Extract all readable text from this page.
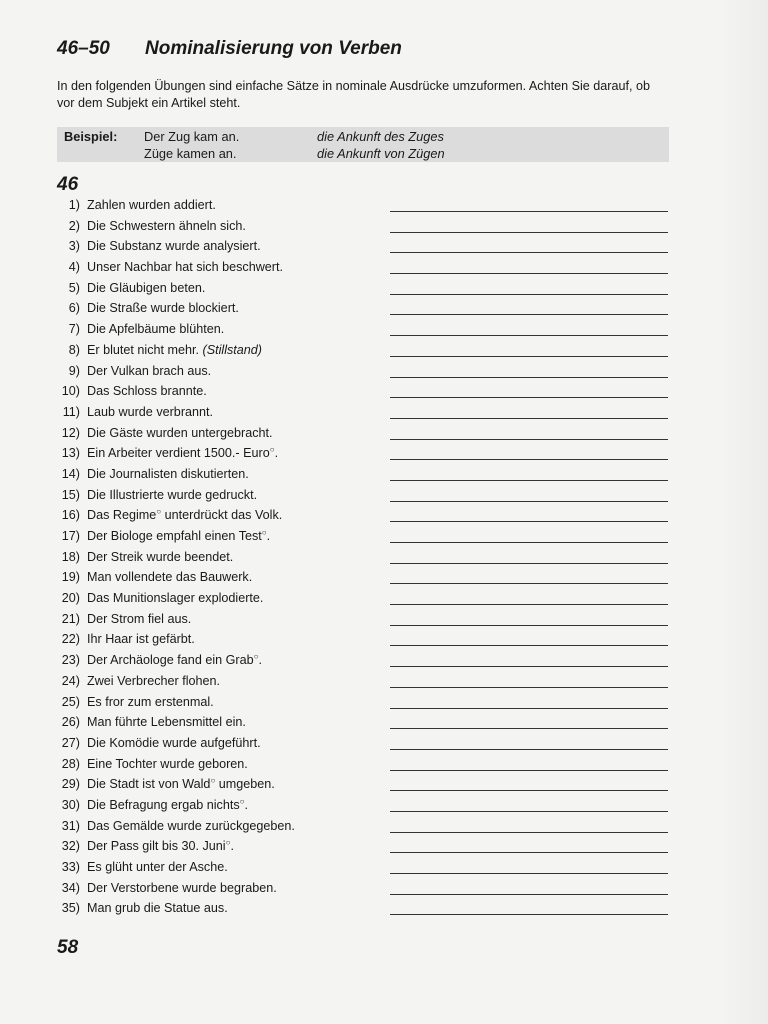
46–50 Nominalisierung von Verben
In den folgenden Übungen sind einfache Sätze in nominale Ausdrücke umzuformen. Achten Sie darauf, ob vor dem Subjekt ein Artikel steht.
Beispiel: Der Zug kam an.	die Ankunft des Zuges
Züge kamen an.	die Ankunft von Zügen
46
1) Zahlen wurden addiert.
2) Die Schwestern ähneln sich.
3) Die Substanz wurde analysiert.
4) Unser Nachbar hat sich beschwert.
5) Die Gläubigen beten.
6) Die Straße wurde blockiert.
7) Die Apfelbäume blühten.
8) Er blutet nicht mehr. (Stillstand)
9) Der Vulkan brach aus.
10) Das Schloss brannte.
11) Laub wurde verbrannt.
12) Die Gäste wurden untergebracht.
13) Ein Arbeiter verdient 1500.- Euro○.
14) Die Journalisten diskutierten.
15) Die Illustrierte wurde gedruckt.
16) Das Regime○ unterdrückt das Volk.
17) Der Biologe empfahl einen Test○.
18) Der Streik wurde beendet.
19) Man vollendete das Bauwerk.
20) Das Munitionslager explodierte.
21) Der Strom fiel aus.
22) Ihr Haar ist gefärbt.
23) Der Archäologe fand ein Grab○.
24) Zwei Verbrecher flohen.
25) Es fror zum erstenmal.
26) Man führte Lebensmittel ein.
27) Die Komödie wurde aufgeführt.
28) Eine Tochter wurde geboren.
29) Die Stadt ist von Wald○ umgeben.
30) Die Befragung ergab nichts○.
31) Das Gemälde wurde zurückgegeben.
32) Der Pass gilt bis 30. Juni○.
33) Es glüht unter der Asche.
34) Der Verstorbene wurde begraben.
35) Man grub die Statue aus.
58
